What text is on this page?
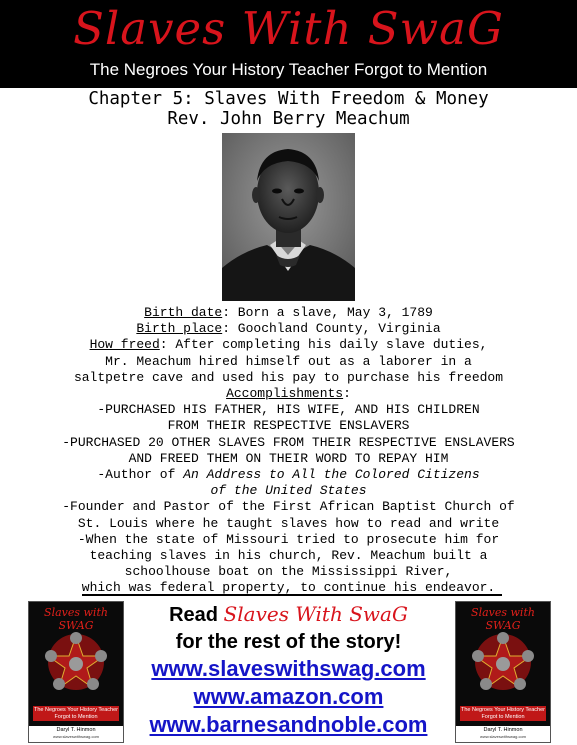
Slaves With SwaG
The Negroes Your History Teacher Forgot to Mention
Chapter 5: Slaves With Freedom & Money
Rev. John Berry Meachum
Birth date: Born a slave, May 3, 1789
Birth place: Goochland County, Virginia
How freed: After completing his daily slave duties,
Mr. Meachum hired himself out as a laborer in a
saltpetre cave and used his pay to purchase his freedom
Accomplishments:
-PURCHASED HIS FATHER, HIS WIFE, AND HIS CHILDREN
FROM THEIR RESPECTIVE ENSLAVERS
-PURCHASED 20 OTHER SLAVES FROM THEIR RESPECTIVE ENSLAVERS
AND FREED THEM ON THEIR WORD TO REPAY HIM
-Author of An Address to All the Colored Citizens
of the United States
-Founder and Pastor of the First African Baptist Church of
St. Louis where he taught slaves how to read and write
-When the state of Missouri tried to prosecute him for
teaching slaves in his church, Rev. Meachum built a
schoolhouse boat on the Mississippi River,
which was federal property, to continue his endeavor.
Slaves with SWAG
The Negroes Your History Teacher Forgot to Mention
Daryl T. Hinmon
www.slaveswithswag.com
Read Slaves With SwaG
for the rest of the story!
www.slaveswithswag.com
www.amazon.com
www.barnesandnoble.com
Slaves with SWAG
The Negroes Your History Teacher Forgot to Mention
Daryl T. Hinmon
www.slaveswithswag.com
